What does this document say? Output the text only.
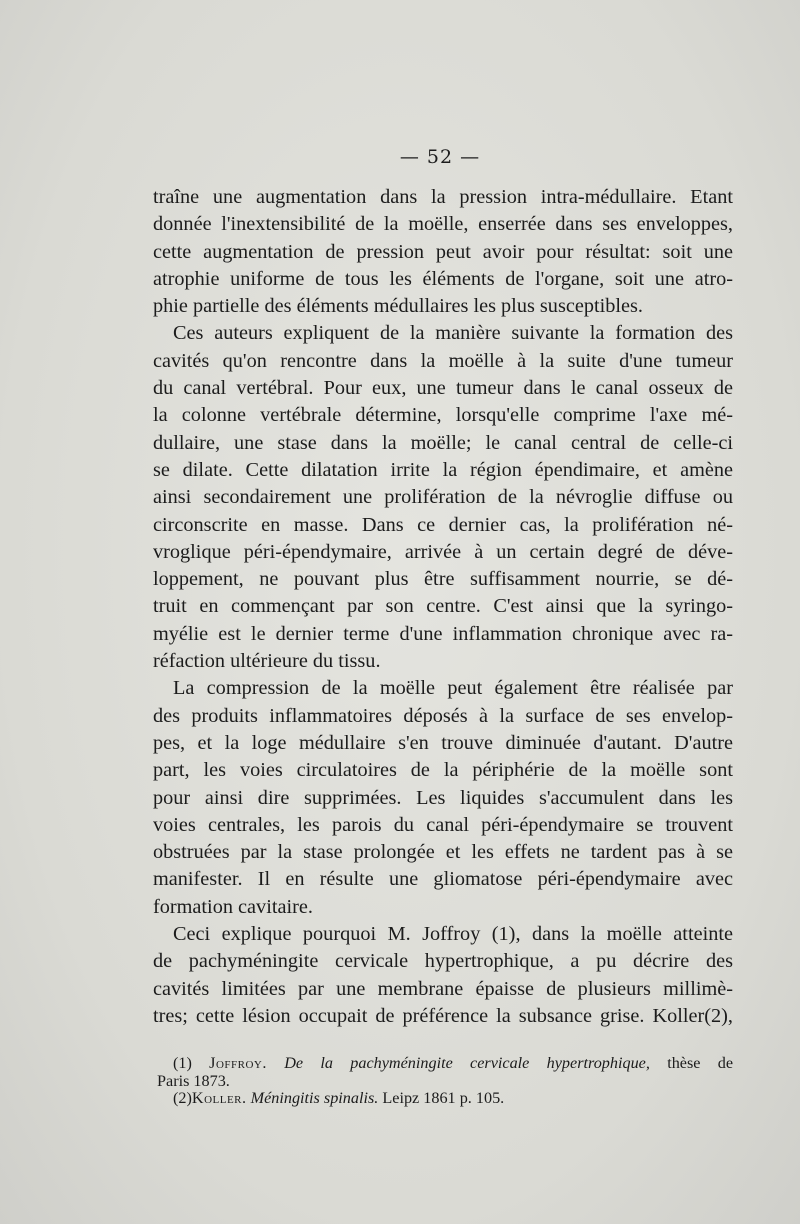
— 52 —
traîne une augmentation dans la pression intra-médullaire. Etant
donnée l'inextensibilité de la moëlle, enserrée dans ses enveloppes,
cette augmentation de pression peut avoir pour résultat: soit une
atrophie uniforme de tous les éléments de l'organe, soit une atro-
phie partielle des éléments médullaires les plus susceptibles.
Ces auteurs expliquent de la manière suivante la formation des
cavités qu'on rencontre dans la moëlle à la suite d'une tumeur
du canal vertébral. Pour eux, une tumeur dans le canal osseux de
la colonne vertébrale détermine, lorsqu'elle comprime l'axe mé-
dullaire, une stase dans la moëlle; le canal central de celle-ci
se dilate. Cette dilatation irrite la région épendimaire, et amène
ainsi secondairement une prolifération de la névroglie diffuse ou
circonscrite en masse. Dans ce dernier cas, la prolifération né-
vroglique péri-épendymaire, arrivée à un certain degré de déve-
loppement, ne pouvant plus être suffisamment nourrie, se dé-
truit en commençant par son centre. C'est ainsi que la syringo-
myélie est le dernier terme d'une inflammation chronique avec ra-
réfaction ultérieure du tissu.
La compression de la moëlle peut également être réalisée par
des produits inflammatoires déposés à la surface de ses envelop-
pes, et la loge médullaire s'en trouve diminuée d'autant. D'autre
part, les voies circulatoires de la périphérie de la moëlle sont
pour ainsi dire supprimées. Les liquides s'accumulent dans les
voies centrales, les parois du canal péri-épendymaire se trouvent
obstruées par la stase prolongée et les effets ne tardent pas à se
manifester. Il en résulte une gliomatose péri-épendymaire avec
formation cavitaire.
Ceci explique pourquoi M. Joffroy (1), dans la moëlle atteinte
de pachyméningite cervicale hypertrophique, a pu décrire des
cavités limitées par une membrane épaisse de plusieurs millimè-
tres; cette lésion occupait de préférence la subsance grise. Koller(2),
(1) Joffroy. De la pachyméningite cervicale hypertrophique, thèse de
Paris 1873.
(2)Koller. Méningitis spinalis. Leipz 1861 p. 105.
